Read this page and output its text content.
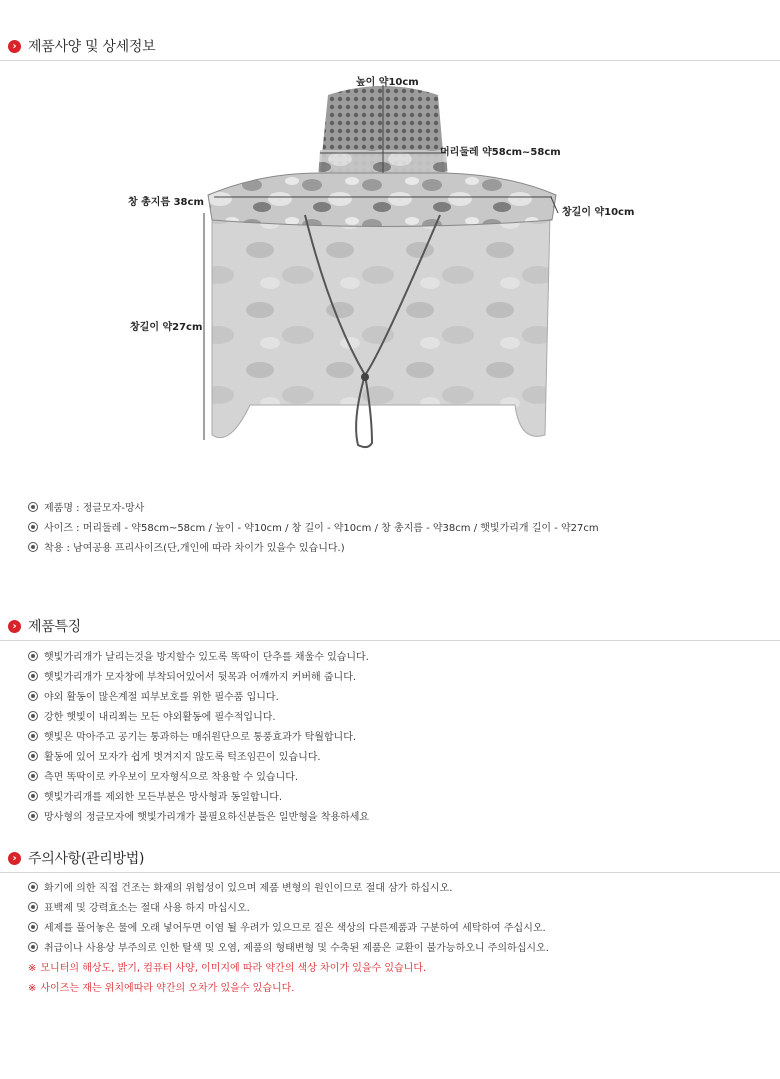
› 제품사양 및 상세정보
높이 약10cm
머리둘레 약58cm~58cm
창 총지름 38cm
창길이 약10cm
창길이 약27cm
제품명 : 정글모자-망사
사이즈 : 머리둘레 - 약58cm~58cm / 높이 - 약10cm / 창 길이 - 약10cm / 창 총지름 - 약38cm / 햇빛가리개 길이 - 약27cm
착용 : 남여공용 프리사이즈(단,개인에 따라 차이가 있을수 있습니다.)
› 제품특징
햇빛가리개가 날리는것을 방지할수 있도록 똑딱이 단추를 채울수 있습니다.
햇빛가리개가 모자창에 부착되어있어서 뒷목과 어깨까지 커버해 줍니다.
야외 활동이 많은계절 피부보호를 위한 필수품 입니다.
강한 햇빛이 내리쬐는 모든 야외활동에 필수적입니다.
햇빛은 막아주고 공기는 통과하는 매쉬원단으로 통풍효과가 탁월합니다.
활동에 있어 모자가 쉽게 벗겨지지 않도록 턱조임끈이 있습니다.
측면 똑딱이로 카우보이 모자형식으로 착용할 수 있습니다.
햇빛가리개를 제외한 모든부분은 망사형과 동일합니다.
망사형의 정글모자에 햇빛가리개가 불필요하신분들은 일반형을 착용하세요
› 주의사항(관리방법)
화기에 의한 직접 건조는 화재의 위험성이 있으며 제품 변형의 원인이므로 절대 삼가 하십시오.
표백제 및 강력효소는 절대 사용 하지 마십시오.
세제를 풀어놓은 물에 오래 넣어두면 이염 될 우려가 있으므로 짙은 색상의 다른제품과 구분하여 세탁하여 주십시오.
취급이나 사용상 부주의로 인한 탈색 및 오염, 제품의 형태변형 및 수축된 제품은 교환이 불가능하오니 주의하십시오.
※ 모니터의 해상도, 밝기, 컴퓨터 사양, 이미지에 따라 약간의 색상 차이가 있을수 있습니다.
※ 사이즈는 재는 위치에따라 약간의 오차가 있을수 있습니다.
